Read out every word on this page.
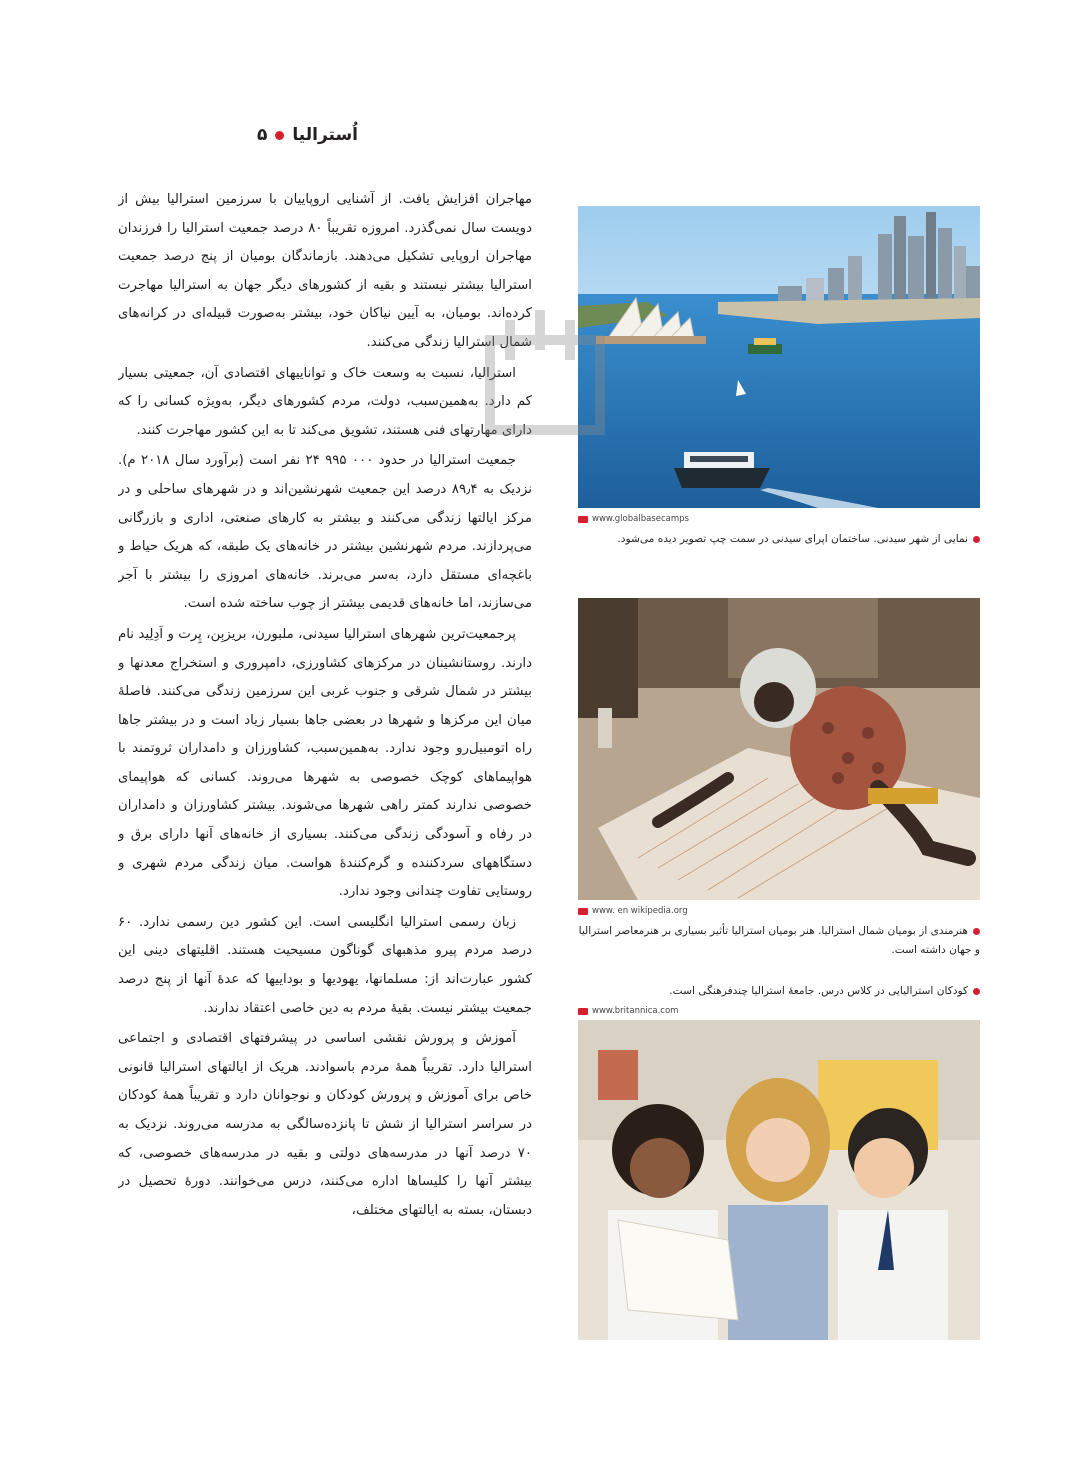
اُسترالیا
۵

مهاجران افزایش یافت. از آشنایی اروپاییان با سرزمین استرالیا بیش از دویست سال نمی‌گذرد. امروزه تقریباً ۸۰ درصد جمعیت استرالیا را فرزندان مهاجران اروپایی تشکیل می‌دهند. بازماندگان بومیان از پنج درصد جمعیت استرالیا بیشتر نیستند و بقیه از کشورهای دیگر جهان به استرالیا مهاجرت کرده‌اند. بومیان، به آیین نیاکان خود، بیشتر به‌صورت قبیله‌ای در کرانه‌های شمال استرالیا زندگی می‌کنند.

استرالیا، نسبت به وسعت خاک و تواناییهای اقتصادی آن، جمعیتی بسیار کم دارد. به‌همین‌سبب، دولت، مردم کشورهای دیگر، به‌ویژه کسانی را که دارای مهارتهای فنی هستند، تشویق می‌کند تا به این کشور مهاجرت کنند.

جمعیت استرالیا در حدود ۰۰۰ ۹۹۵ ۲۴ نفر است (برآورد سال ۲۰۱۸ م). نزدیک به ۸۹٫۴ درصد این جمعیت شهرنشین‌اند و در شهرهای ساحلی و در مرکز ایالتها زندگی می‌کنند و بیشتر به کارهای صنعتی، اداری و بازرگانی می‌پردازند. مردم شهرنشین بیشتر در خانه‌های یک طبقه، که هریک حیاط و باغچه‌ای مستقل دارد، به‌سر می‌برند. خانه‌های امروزی را بیشتر با آجر می‌سازند، اما خانه‌های قدیمی بیشتر از چوب ساخته شده است.

پرجمعیت‌ترین شهرهای استرالیا سیدنی، ملبورن، بریزبِن، پِرت و اَدِلِید نام دارند. روستانشینان در مرکزهای کشاورزی، دامپروری و استخراج معدنها و بیشتر در شمال شرقی و جنوب غربی این سرزمین زندگی می‌کنند. فاصلهٔ میان این مرکزها و شهرها در بعضی جاها بسیار زیاد است و در بیشتر جاها راه اتومبیل‌رو وجود ندارد. به‌همین‌سبب، کشاورزان و دامداران ثروتمند با هواپیماهای کوچک خصوصی به شهرها می‌روند. کسانی که هواپیمای خصوصی ندارند کمتر راهی شهرها می‌شوند. بیشتر کشاورزان و دامداران در رفاه و آسودگی زندگی می‌کنند. بسیاری از خانه‌های آنها دارای برق و دستگاههای سردکننده و گرم‌کنندهٔ هواست. میان زندگی مردم شهری و روستایی تفاوت چندانی وجود ندارد.

زبان رسمی استرالیا انگلیسی است. این کشور دین رسمی ندارد. ۶۰ درصد مردم پیرو مذهبهای گوناگون مسیحیت هستند. اقلیتهای دینی این کشور عبارت‌اند از: مسلمانها، یهودیها و بوداییها که عدهٔ آنها از پنج درصد جمعیت بیشتر نیست. بقیهٔ مردم به دین خاصی اعتقاد ندارند.

آموزش و پرورش نقشی اساسی در پیشرفتهای اقتصادی و اجتماعی استرالیا دارد. تقریباً همهٔ مردم باسوادند. هریک از ایالتهای استرالیا قانونی خاص برای آموزش و پرورش کودکان و نوجوانان دارد و تقریباً همهٔ کودکان در سراسر استرالیا از شش تا پانزده‌سالگی به مدرسه می‌روند. نزدیک به ۷۰ درصد آنها در مدرسه‌های دولتی و بقیه در مدرسه‌های خصوصی، که بیشتر آنها را کلیساها اداره می‌کنند، درس می‌خوانند. دورهٔ تحصیل در دبستان، بسته به ایالتهای مختلف،

www.globalbasecamps
نمایی از شهر سیدنی. ساختمان اپرای سیدنی در سمت چپ تصویر دیده می‌شود.
www. en wikipedia.org
هنرمندی از بومیان شمال استرالیا. هنر بومیان استرالیا تأثیر بسیاری بر هنرمعاصر استرالیا و جهان داشته است.
کودکان استرالیایی در کلاس درس. جامعهٔ استرالیا چندفرهنگی است.
www.britannica.com
